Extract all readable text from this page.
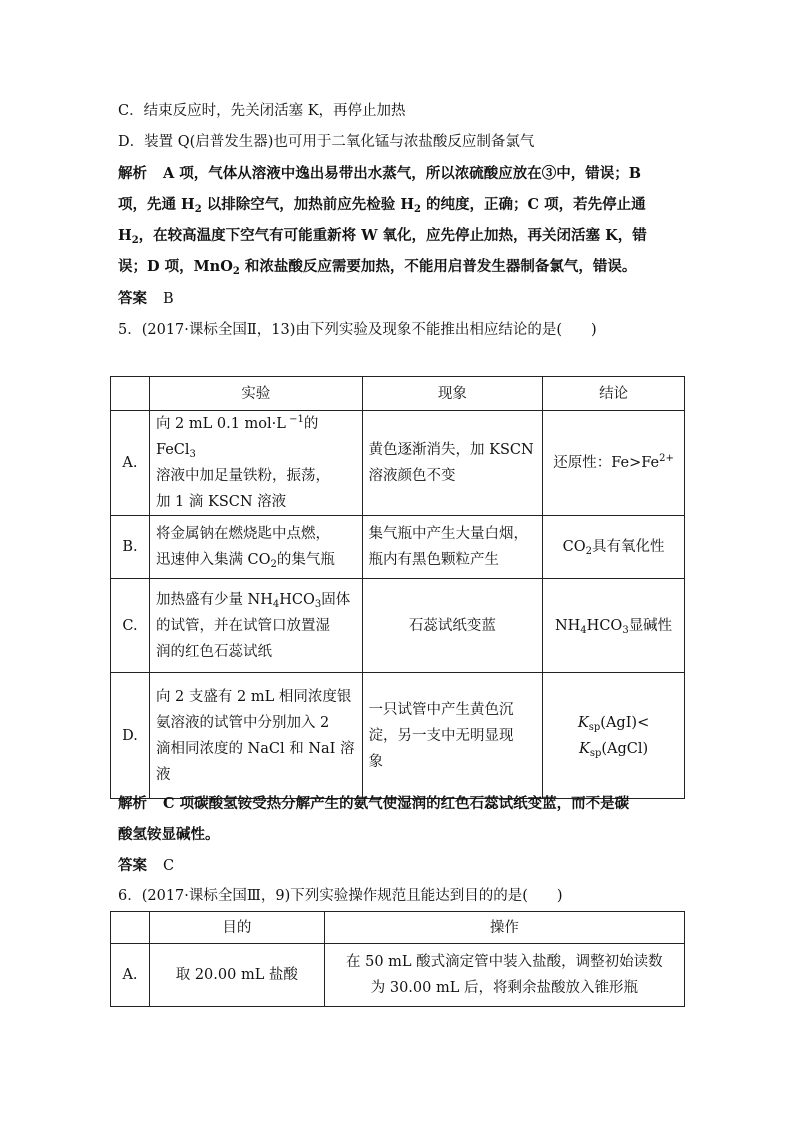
C．结束反应时，先关闭活塞 K，再停止加热
D．装置 Q(启普发生器)也可用于二氧化锰与浓盐酸反应制备氯气
解析 A 项，气体从溶液中逸出易带出水蒸气，所以浓硫酸应放在③中，错误；B
项，先通 $H_2$ 以排除空气，加热前应先检验 $H_2$ 的纯度，正确；C 项，若先停止通
$H_2$，在较高温度下空气有可能重新将 W 氧化，应先停止加热，再关闭活塞 K，错
误；D 项，MnO$_2$ 和浓盐酸反应需要加热，不能用启普发生器制备氯气，错误。
答案 B
5．(2017·课标全国Ⅱ，13)由下列实验及现象不能推出相应结论的是(　　)
	实验	现象	结论
A.	向 2 mL 0.1 mol·L $^{-1}$的 FeCl$_3$
溶液中加足量铁粉，振荡，
加 1 滴 KSCN 溶液	黄色逐渐消失，加 KSCN
溶液颜色不变	还原性：$Fe>Fe^{2+}$
B.	将金属钠在燃烧匙中点燃，
迅速伸入集满 $CO_2$的集气瓶	集气瓶中产生大量白烟，
瓶内有黑色颗粒产生	$CO_2$具有氧化性
C.	加热盛有少量 $NH_4HCO_3$固体
的试管，并在试管口放置湿
润的红色石蕊试纸	石蕊试纸变蓝	$NH_4HCO_3$显碱性
D.	向 2 支盛有 2 mL 相同浓度银
氨溶液的试管中分别加入 2
滴相同浓度的 NaCl 和 NaI 溶
液	一只试管中产生黄色沉
淀，另一支中无明显现
象	$K_{sp}(AgI)<$
$K_{sp}(AgCl)$
解析 C 项碳酸氢铵受热分解产生的氨气使湿润的红色石蕊试纸变蓝，而不是碳
酸氢铵显碱性。
答案 C
6．(2017·课标全国Ⅲ，9)下列实验操作规范且能达到目的的是(　　)
	目的	操作
A.	取 20.00 mL 盐酸	在 50 mL 酸式滴定管中装入盐酸，调整初始读数
为 30.00 mL 后，将剩余盐酸放入锥形瓶
